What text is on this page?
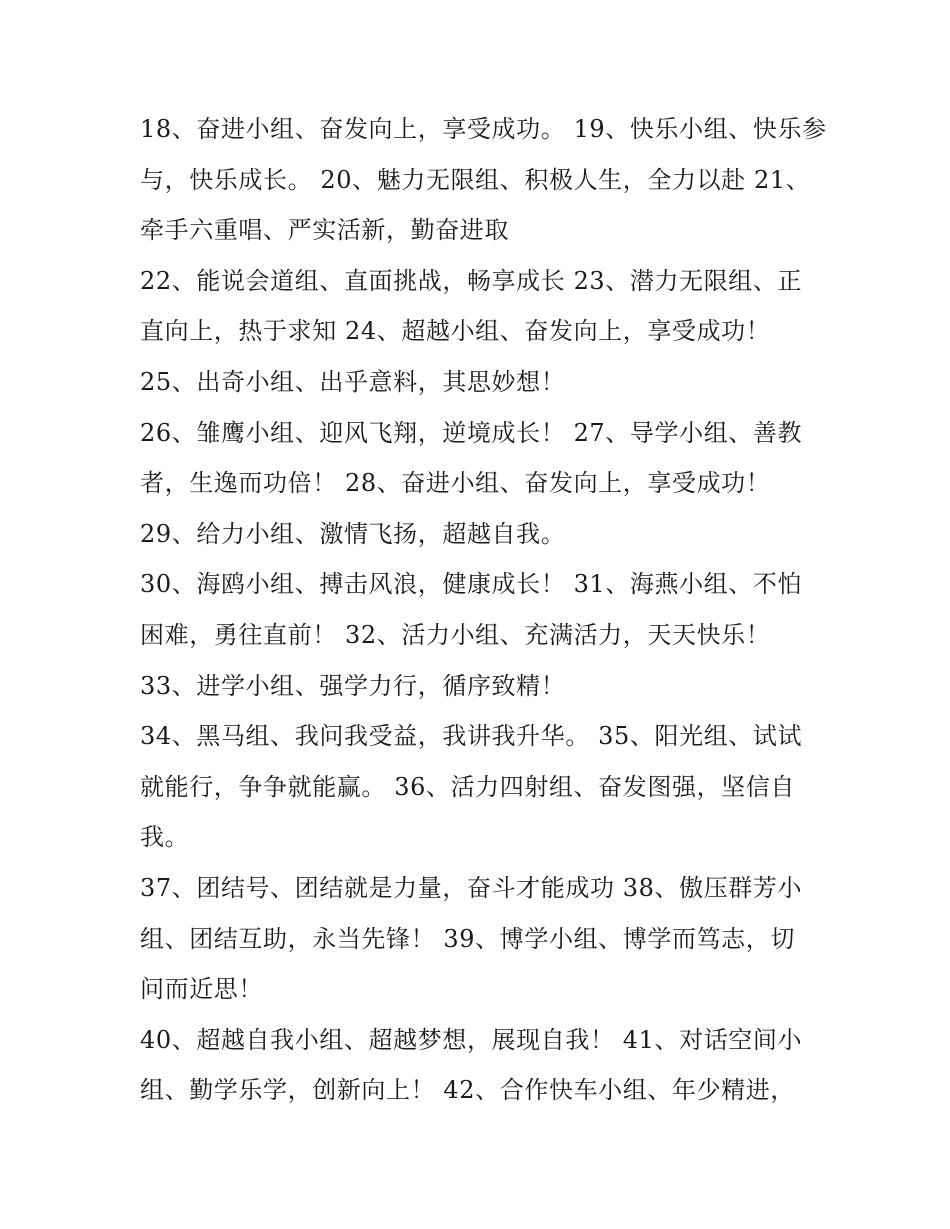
18、奋进小组、奋发向上，享受成功。 19、快乐小组、快乐参
与，快乐成长。 20、魅力无限组、积极人生，全力以赴 21、
牵手六重唱、严实活新，勤奋进取

22、能说会道组、直面挑战，畅享成长 23、潜力无限组、正
直向上，热于求知 24、超越小组、奋发向上，享受成功！

25、出奇小组、出乎意料，其思妙想！

26、雏鹰小组、迎风飞翔，逆境成长！ 27、导学小组、善教
者，生逸而功倍！ 28、奋进小组、奋发向上，享受成功！

29、给力小组、激情飞扬，超越自我。

30、海鸥小组、搏击风浪，健康成长！ 31、海燕小组、不怕
困难，勇往直前！ 32、活力小组、充满活力，天天快乐！

33、进学小组、强学力行，循序致精！

34、黑马组、我问我受益，我讲我升华。 35、阳光组、试试
就能行，争争就能赢。 36、活力四射组、奋发图强，坚信自
我。

37、团结号、团结就是力量，奋斗才能成功 38、傲压群芳小
组、团结互助，永当先锋！ 39、博学小组、博学而笃志，切
问而近思！

40、超越自我小组、超越梦想，展现自我！ 41、对话空间小
组、勤学乐学，创新向上！ 42、合作快车小组、年少精进，
